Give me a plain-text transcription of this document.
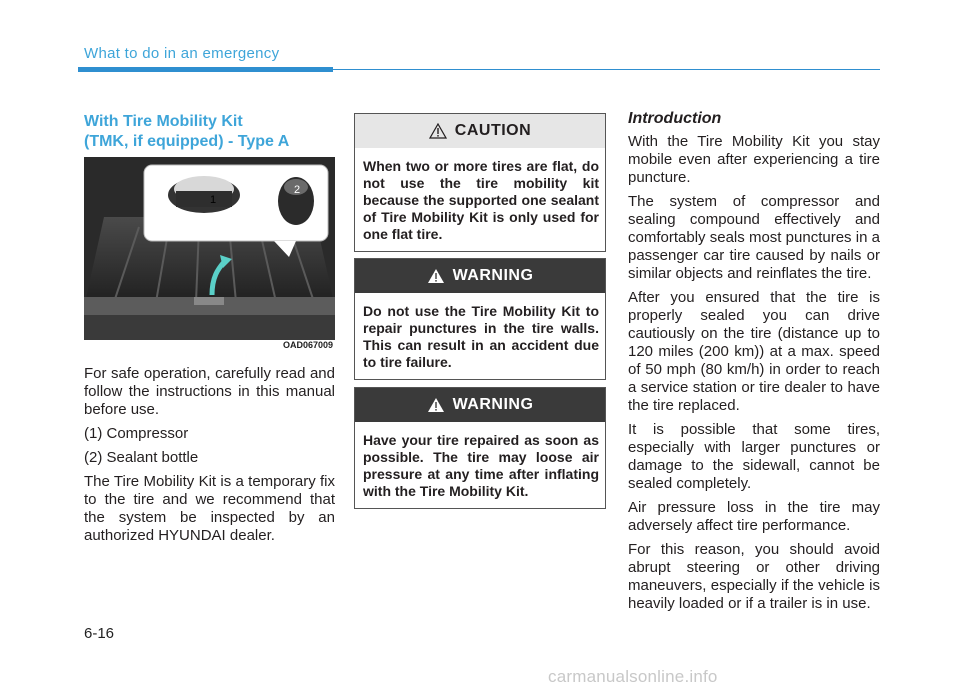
What to do in an emergency
With Tire Mobility Kit
(TMK, if equipped) - Type A
1
2
OAD067009

For safe operation, carefully read and follow the instructions in this manual before use.

(1) Compressor

(2) Sealant bottle

The Tire Mobility Kit is a temporary fix to the tire and we recommend that the system be inspected by an authorized HYUNDAI dealer.

CAUTION
When two or more tires are flat, do not use the tire mobility kit because the supported one sealant of Tire Mobility Kit is only used for one flat tire.
WARNING
Do not use the Tire Mobility Kit to repair punctures in the tire walls. This can result in an accident due to tire failure.
WARNING
Have your tire repaired as soon as possible. The tire may loose air pressure at any time after inflating with the Tire Mobility Kit.
Introduction

With the Tire Mobility Kit you stay mobile even after experiencing a tire puncture.

The system of compressor and sealing compound effectively and comfortably seals most punctures in a passenger car tire caused by nails or similar objects and reinflates the tire.

After you ensured that the tire is properly sealed you can drive cautiously on the tire (distance up to 120 miles (200 km)) at a max. speed of 50 mph (80 km/h) in order to reach a service station or tire dealer to have the tire replaced.

It is possible that some tires, especially with larger punctures or damage to the sidewall, cannot be sealed completely.

Air pressure loss in the tire may adversely affect tire performance.

For this reason, you should avoid abrupt steering or other driving maneuvers, especially if the vehicle is heavily loaded or if a trailer is in use.

6-16
carmanualsonline.info
